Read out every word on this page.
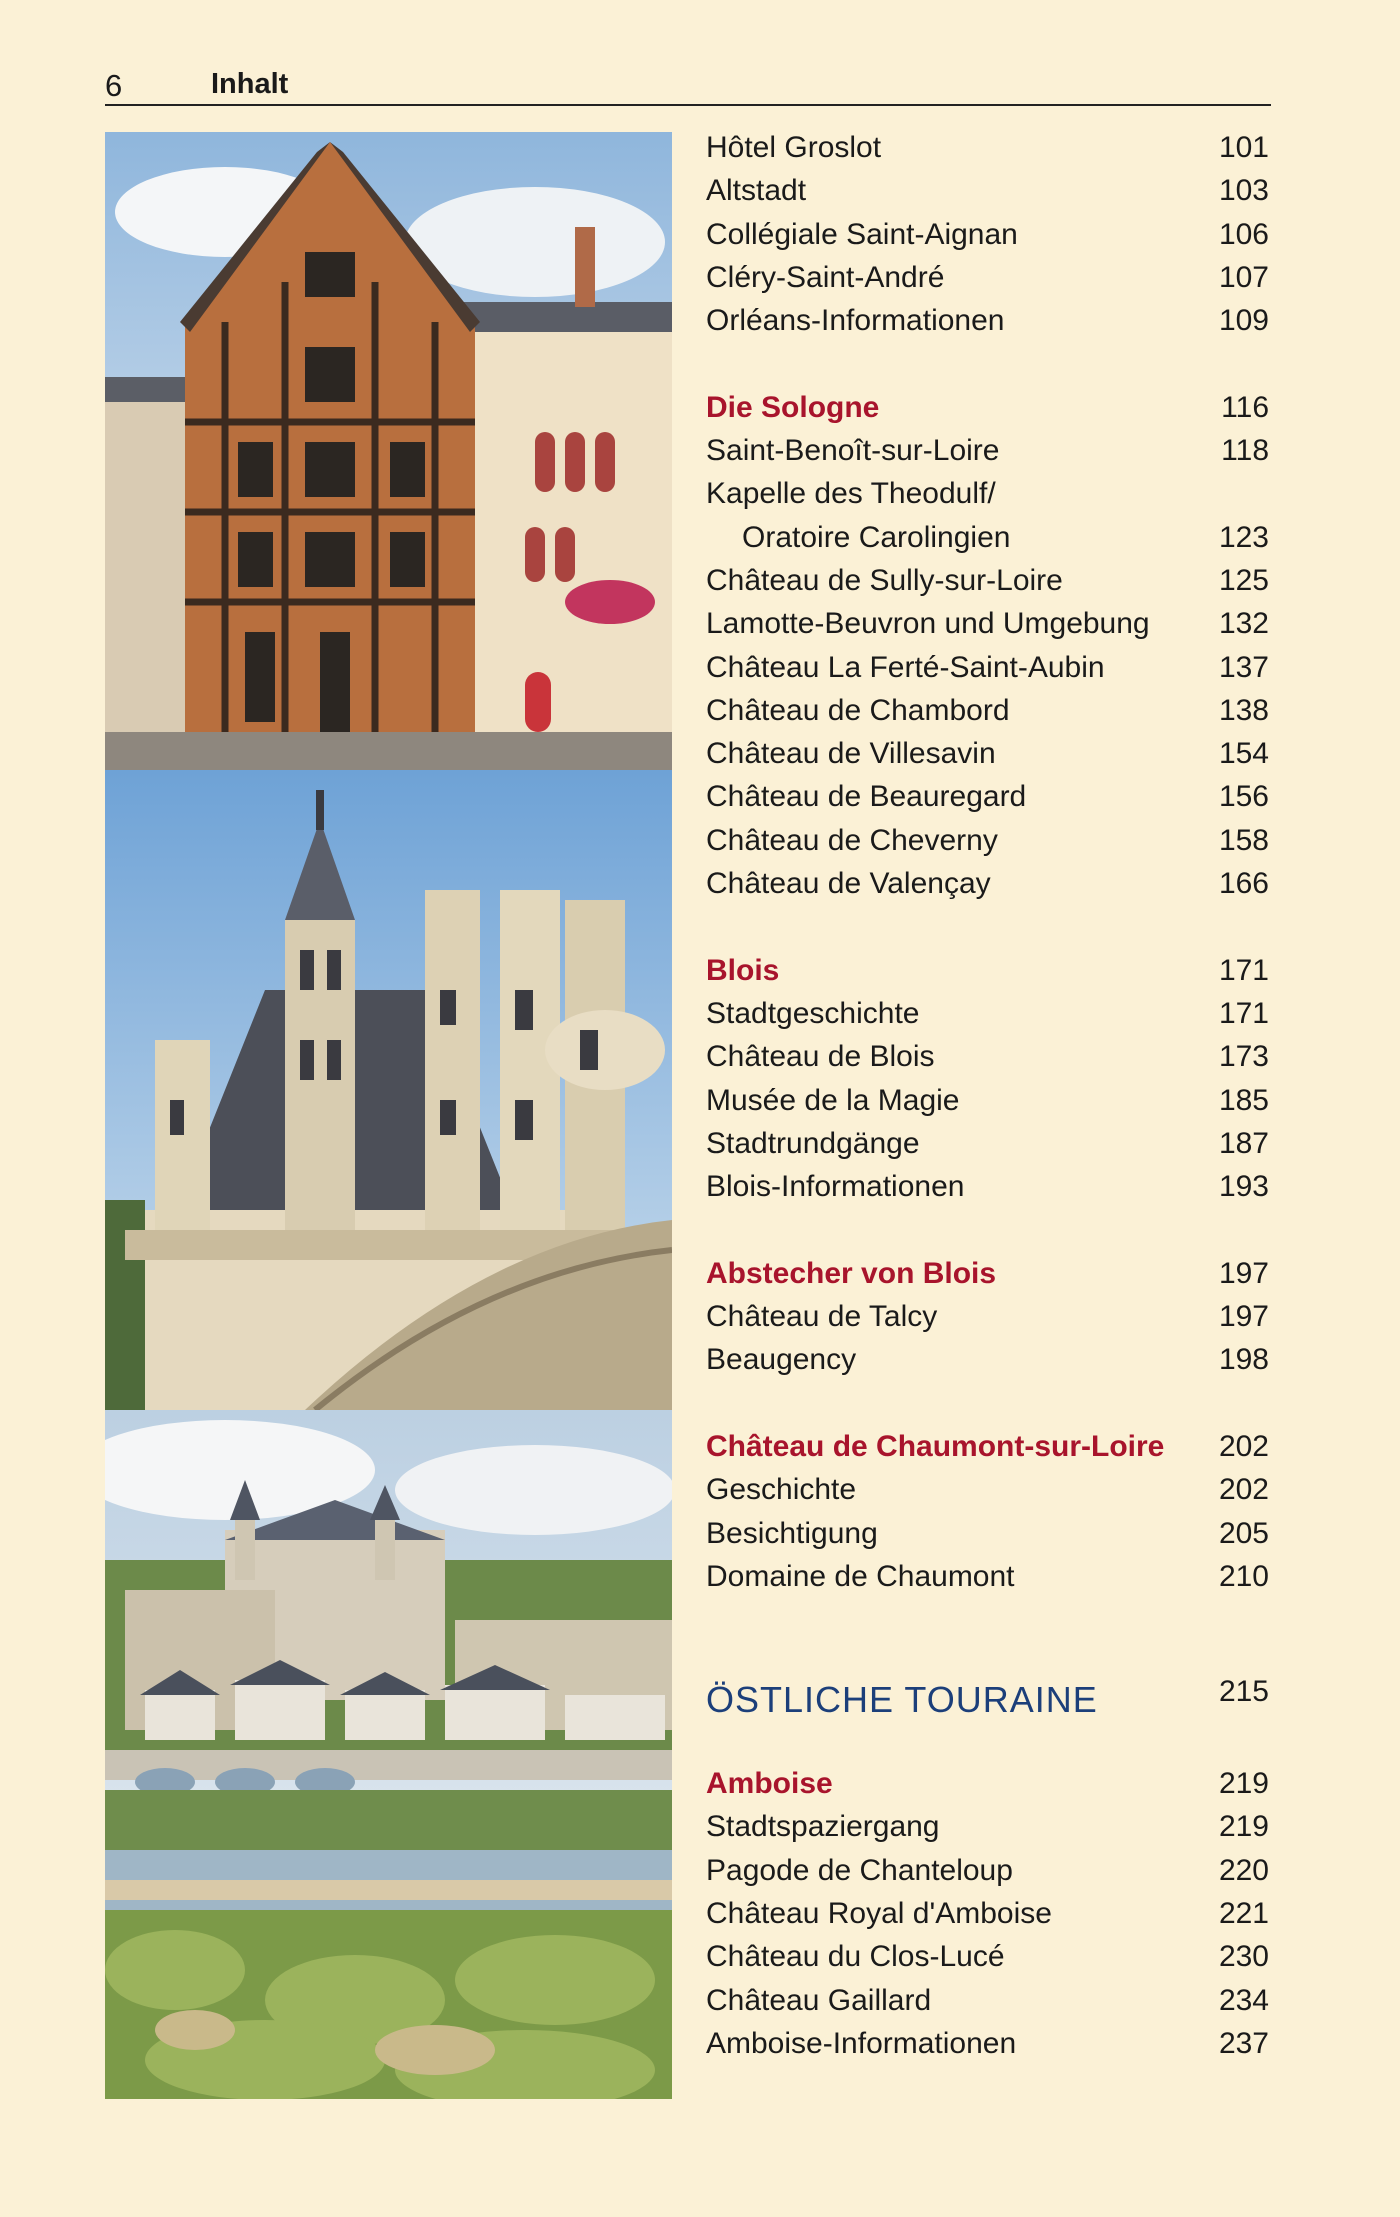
6	Inhalt
Hôtel Groslot	101
Altstadt	103
Collégiale Saint-Aignan	106
Cléry-Saint-André	107
Orléans-Informationen	109
Die Sologne	116
Saint-Benoît-sur-Loire	118
Kapelle des Theodulf/
Oratoire Carolingien	123
Château de Sully-sur-Loire	125
Lamotte-Beuvron und Umgebung 132
Château La Ferté-Saint-Aubin	137
Château de Chambord	138
Château de Villesavin	154
Château de Beauregard	156
Château de Cheverny	158
Château de Valençay	166
Blois	171
Stadtgeschichte	171
Château de Blois	173
Musée de la Magie	185
Stadtrundgänge	187
Blois-Informationen	193
Abstecher von Blois	197
Château de Talcy	197
Beaugency	198
Château de Chaumont-sur-Loire 202
Geschichte	202
Besichtigung	205
Domaine de Chaumont	210
ÖSTLICHE TOURAINE	215
Amboise	219
Stadtspaziergang	219
Pagode de Chanteloup	220
Château Royal d'Amboise	221
Château du Clos-Lucé	230
Château Gaillard	234
Amboise-Informationen	237
